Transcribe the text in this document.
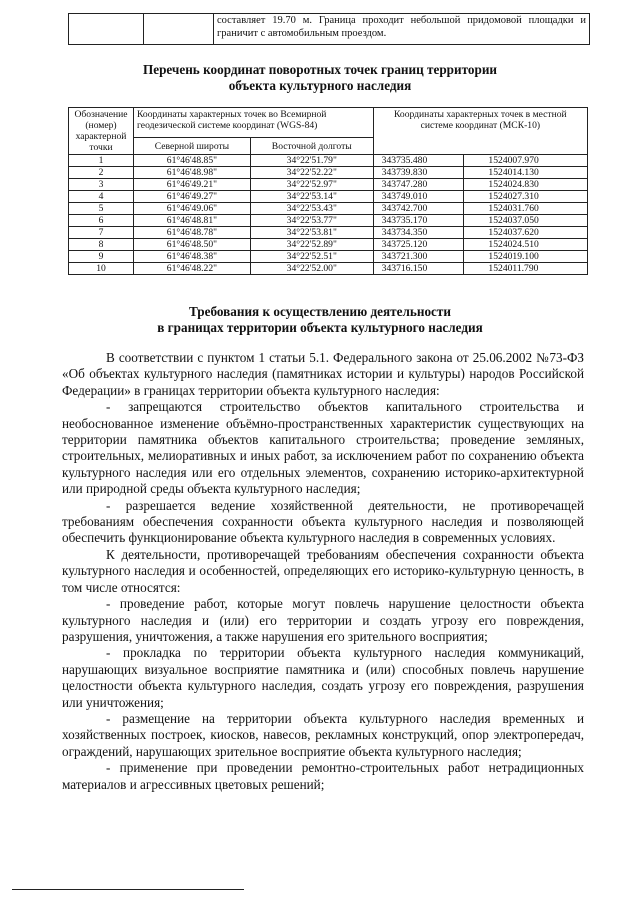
		составляет 19.70 м. Граница проходит небольшой придомовой площадки и граничит с автомобильным проездом.
Перечень координат поворотных точек границ территории
объекта культурного наследия
Обозначение (номер) характерной точки	Координаты характерных точек во Всемирной геодезической системе координат (WGS-84)		Координаты характерных точек в местной системе координат (МСК-10)	
	Северной широты	Восточной долготы		
1	61°46'48.85"	34°22'51.79"	343735.480	1524007.970
2	61°46'48.98"	34°22'52.22"	343739.830	1524014.130
3	61°46'49.21"	34°22'52.97"	343747.280	1524024.830
4	61°46'49.27"	34°22'53.14"	343749.010	1524027.310
5	61°46'49.06"	34°22'53.43"	343742.700	1524031.760
6	61°46'48.81"	34°22'53.77"	343735.170	1524037.050
7	61°46'48.78"	34°22'53.81"	343734.350	1524037.620
8	61°46'48.50"	34°22'52.89"	343725.120	1524024.510
9	61°46'48.38"	34°22'52.51"	343721.300	1524019.100
10	61°46'48.22"	34°22'52.00"	343716.150	1524011.790
Требования к осуществлению деятельности
в границах территории объекта культурного наследия

В соответствии с пунктом 1 статьи 5.1. Федерального закона от 25.06.2002 №73-ФЗ «Об объектах культурного наследия (памятниках истории и культуры) народов Российской Федерации» в границах территории объекта культурного наследия:

- запрещаются строительство объектов капитального строительства и необоснованное изменение объёмно-пространственных характеристик существующих на территории памятника объектов капитального строительства; проведение земляных, строительных, мелиоративных и иных работ, за исключением работ по сохранению объекта культурного наследия или его отдельных элементов, сохранению историко-архитектурной или природной среды объекта культурного наследия;

- разрешается ведение хозяйственной деятельности, не противоречащей требованиям обеспечения сохранности объекта культурного наследия и позволяющей обеспечить функционирование объекта культурного наследия в современных условиях.

К деятельности, противоречащей требованиям обеспечения сохранности объекта культурного наследия и особенностей, определяющих его историко-культурную ценность, в том числе относятся:

- проведение работ, которые могут повлечь нарушение целостности объекта культурного наследия и (или) его территории и создать угрозу его повреждения, разрушения, уничтожения, а также нарушения его зрительного восприятия;

- прокладка по территории объекта культурного наследия коммуникаций, нарушающих визуальное восприятие памятника и (или) способных повлечь нарушение целостности объекта культурного наследия, создать угрозу его повреждения, разрушения или уничтожения;

- размещение на территории объекта культурного наследия временных и хозяйственных построек, киосков, навесов, рекламных конструкций, опор электропередач, ограждений, нарушающих зрительное восприятие объекта культурного наследия;

- применение при проведении ремонтно-строительных работ нетрадиционных материалов и агрессивных цветовых решений;
